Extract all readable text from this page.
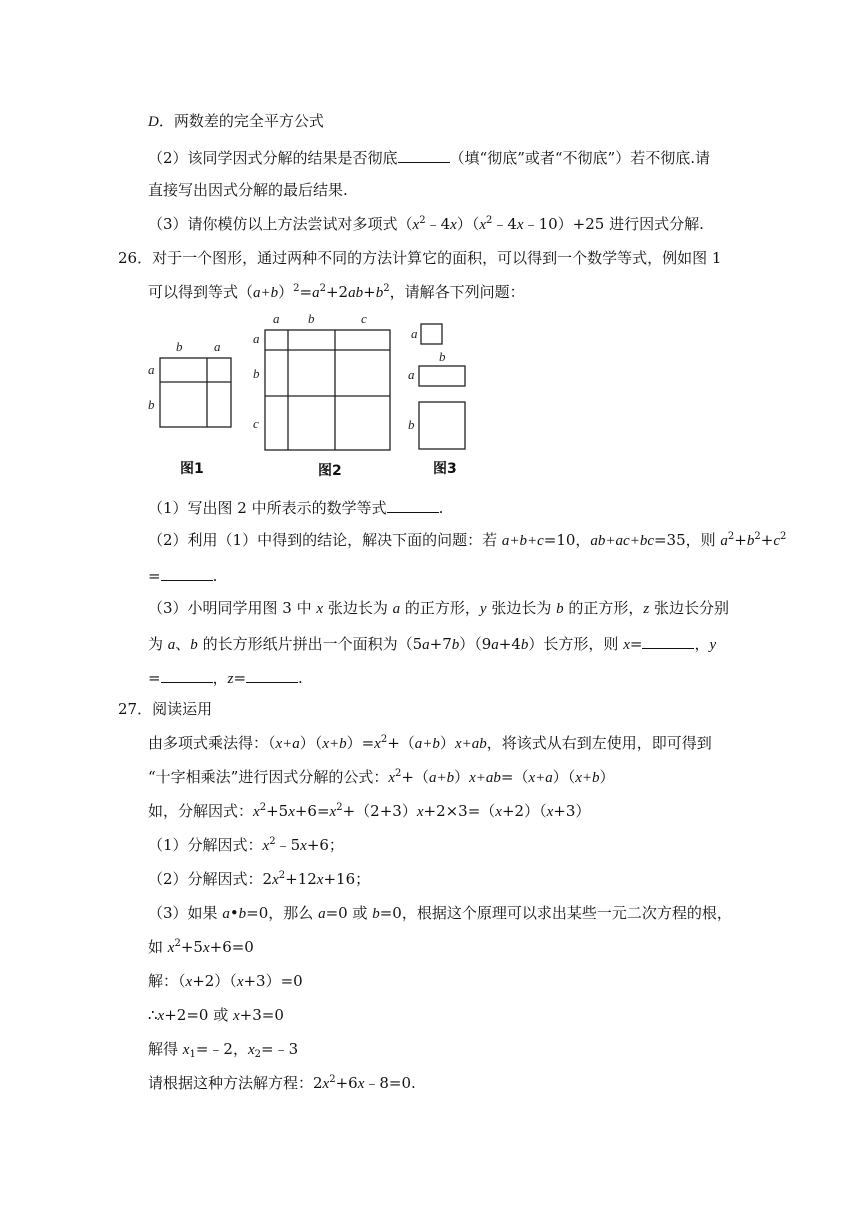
D．两数差的完全平方公式
（2）该同学因式分解的结果是否彻底	（填“彻底”或者“不彻底”）若不彻底.请
直接写出因式分解的最后结果.
（3）请你模仿以上方法尝试对多项式$(x^2﹣4x)(x^2﹣4x﹣10)+25$ 进行因式分解.
26．对于一个图形，通过两种不同的方法计算它的面积，可以得到一个数学等式，例如图 1
可以得到等式$(a+b)^2=a^2+2ab+b^2$，请解各下列问题：
b a
a
b
图1
a b	c
a
b
c
图2
a
b
a
b
图3
（1）写出图 2 中所表示的数学等式	.
（2）利用（1）中得到的结论，解决下面的问题：若 a+b+c=10，ab+ac+bc=35，则 $a^2+b^2+c^2$
=	.
（3）小明同学用图 3 中 x 张边长为 a 的正方形，y 张边长为 b 的正方形，z 张边长分别
为 a、b 的长方形纸片拼出一个面积为（5a+7b）（9a+4b）长方形，则 x=	，y
=	，z=	.
27．阅读运用
由多项式乘法得：$(x+a)(x+b)=x^2+(a+b)x+ab$，将该式从右到左使用，即可得到
“十字相乘法”进行因式分解的公式：$x^2+(a+b)x+ab=(x+a)(x+b)$
如，分解因式：$x^2+5x+6=x^2+(2+3)x+2\times 3=(x+2)(x+3)$
（1）分解因式：$x^2﹣5x+6$；
（2）分解因式：$2x^2+12x+16$；
（3）如果 a•b=0，那么 a=0 或 b=0，根据这个原理可以求出某些一元二次方程的根，
如 $x^2+5x+6=0$
解：（x+2）（x+3）=0
∴x+2=0 或 x+3=0
解得 $x_1=﹣2$，$x_2=﹣3$
请根据这种方法解方程：$2x^2+6x﹣8=0$.
